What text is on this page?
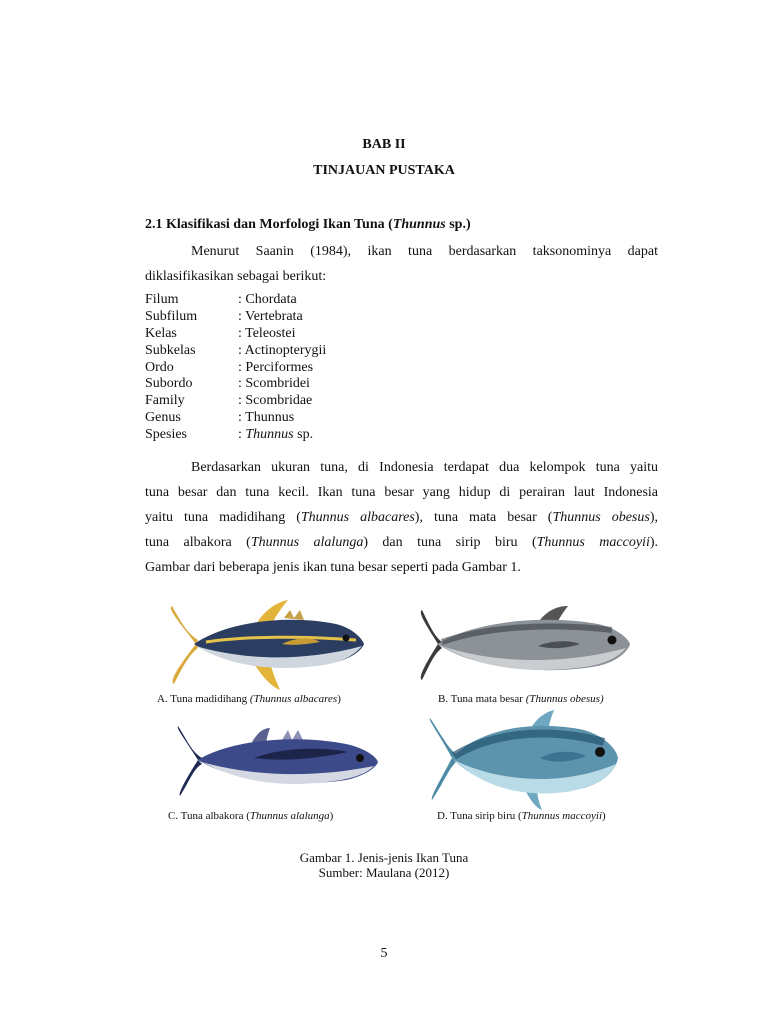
BAB II
TINJAUAN PUSTAKA
2.1 Klasifikasi dan Morfologi Ikan Tuna (Thunnus sp.)
Menurut Saanin (1984), ikan tuna berdasarkan taksonominya dapat
diklasifikasikan sebagai berikut:
Filum	: Chordata
Subfilum	: Vertebrata
Kelas	: Teleostei
Subkelas	: Actinopterygii
Ordo	: Perciformes
Subordo	: Scombridei
Family	: Scombridae
Genus	: Thunnus
Spesies	: Thunnus sp.
Berdasarkan ukuran tuna, di Indonesia terdapat dua kelompok tuna yaitu
tuna besar dan tuna kecil. Ikan tuna besar yang hidup di perairan laut Indonesia
yaitu tuna madidihang (Thunnus albacares), tuna mata besar (Thunnus obesus),
tuna albakora (Thunnus alalunga) dan tuna sirip biru (Thunnus maccoyii).
Gambar dari beberapa jenis ikan tuna besar seperti pada Gambar 1.
A. Tuna madidihang (Thunnus albacares)	B. Tuna mata besar (Thunnus obesus)
C. Tuna albakora (Thunnus alalunga)	D. Tuna sirip biru (Thunnus maccoyii)
Gambar 1. Jenis-jenis Ikan Tuna
Sumber: Maulana (2012)
5
